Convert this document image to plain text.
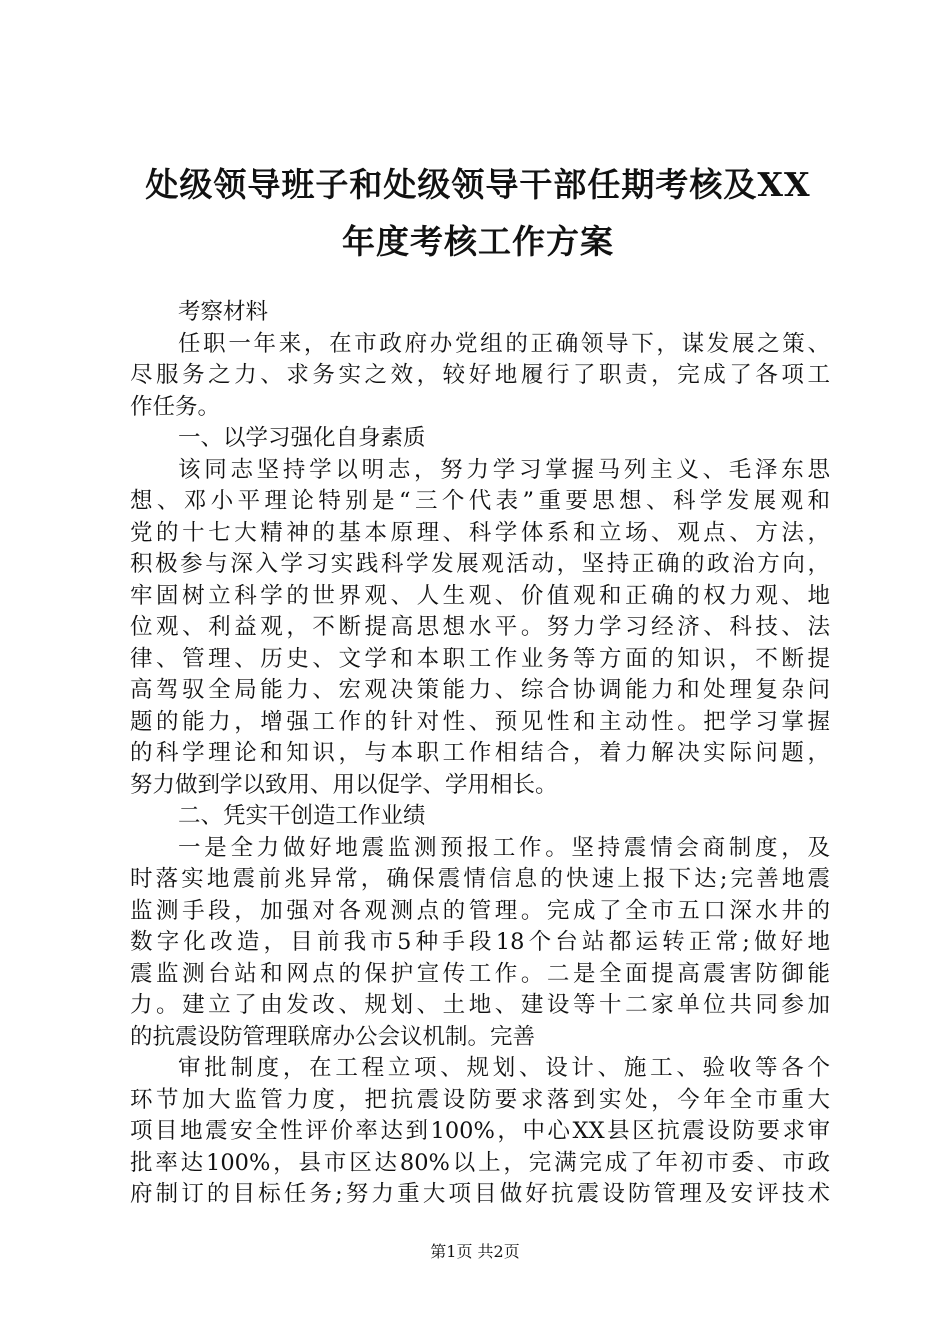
处级领导班子和处级领导干部任期考核及XX
年度考核工作方案
考察材料
任职一年来，在市政府办党组的正确领导下，谋发展之策、
尽服务之力、求务实之效，较好地履行了职责，完成了各项工
作任务。
一、以学习强化自身素质
该同志坚持学以明志，努力学习掌握马列主义、毛泽东思
想、邓小平理论特别是“三个代表”重要思想、科学发展观和
党的十七大精神的基本原理、科学体系和立场、观点、方法，
积极参与深入学习实践科学发展观活动，坚持正确的政治方向，
牢固树立科学的世界观、人生观、价值观和正确的权力观、地
位观、利益观，不断提高思想水平。努力学习经济、科技、法
律、管理、历史、文学和本职工作业务等方面的知识，不断提
高驾驭全局能力、宏观决策能力、综合协调能力和处理复杂问
题的能力，增强工作的针对性、预见性和主动性。把学习掌握
的科学理论和知识，与本职工作相结合，着力解决实际问题，
努力做到学以致用、用以促学、学用相长。
二、凭实干创造工作业绩
一是全力做好地震监测预报工作。坚持震情会商制度，及
时落实地震前兆异常，确保震情信息的快速上报下达;完善地震
监测手段，加强对各观测点的管理。完成了全市五口深水井的
数字化改造，目前我市5种手段18个台站都运转正常;做好地
震监测台站和网点的保护宣传工作。二是全面提高震害防御能
力。建立了由发改、规划、土地、建设等十二家单位共同参加
的抗震设防管理联席办公会议机制。完善
审批制度，在工程立项、规划、设计、施工、验收等各个
环节加大监管力度，把抗震设防要求落到实处，今年全市重大
项目地震安全性评价率达到100%，中心XX县区抗震设防要求审
批率达100%，县市区达80%以上，完满完成了年初市委、市政
府制订的目标任务;努力重大项目做好抗震设防管理及安评技术
第1页 共2页
